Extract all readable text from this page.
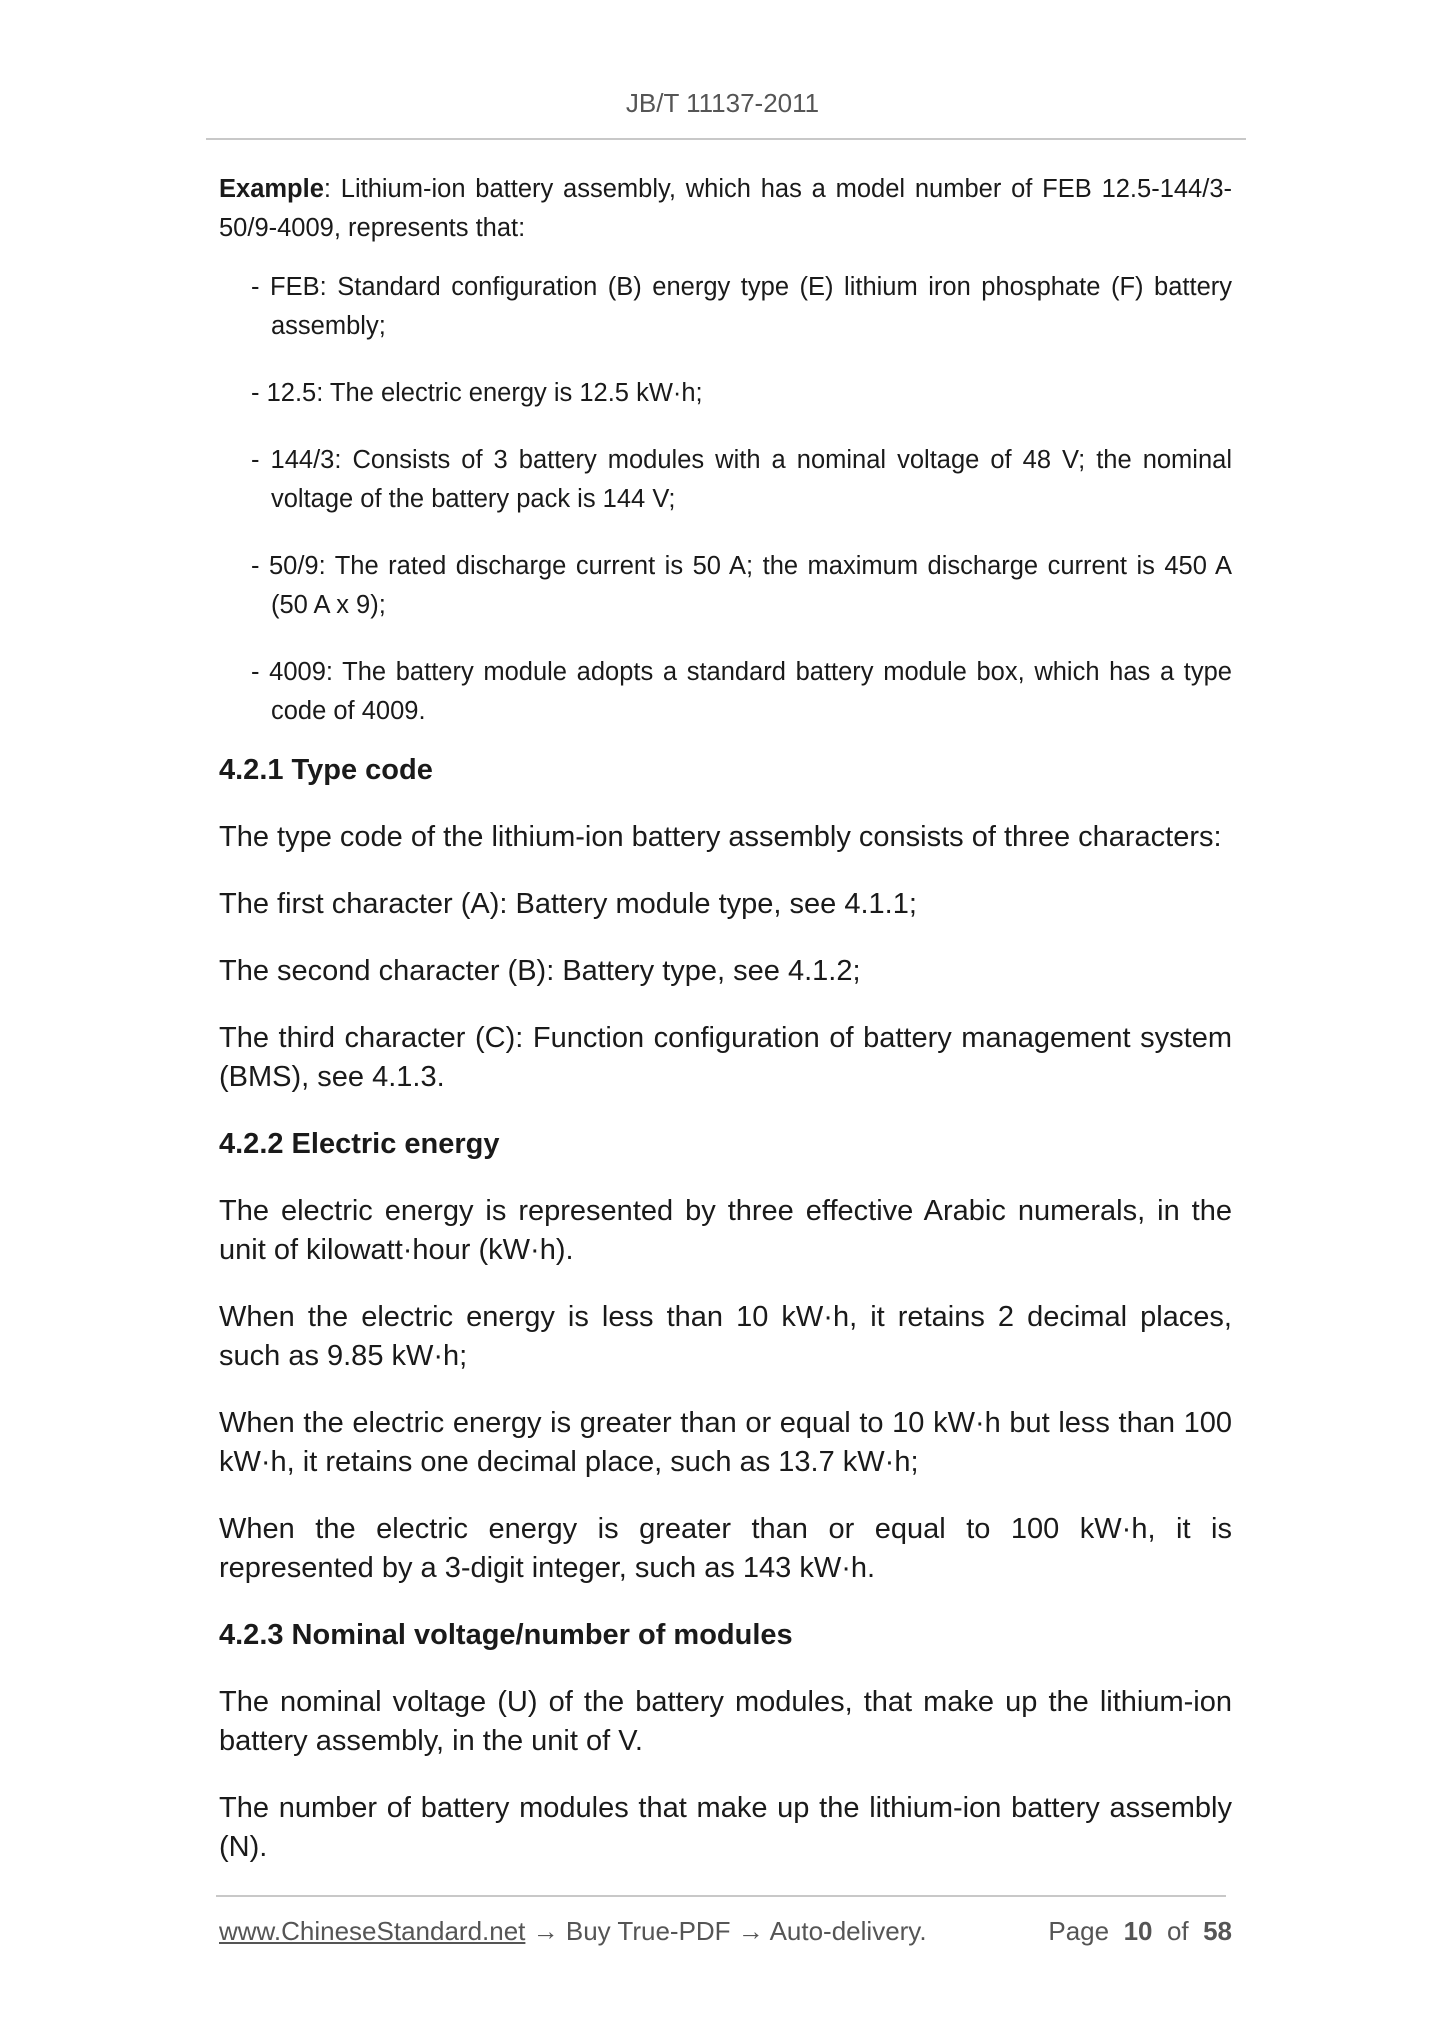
JB/T 11137-2011

Example: Lithium-ion battery assembly, which has a model number of FEB 12.5-144/3-50/9-4009, represents that:

- FEB: Standard configuration (B) energy type (E) lithium iron phosphate (F) battery assembly;

- 12.5: The electric energy is 12.5 kW·h;

- 144/3: Consists of 3 battery modules with a nominal voltage of 48 V; the nominal voltage of the battery pack is 144 V;

- 50/9: The rated discharge current is 50 A; the maximum discharge current is 450 A (50 A x 9);

- 4009: The battery module adopts a standard battery module box, which has a type code of 4009.

4.2.1 Type code

The type code of the lithium-ion battery assembly consists of three characters:

The first character (A): Battery module type, see 4.1.1;

The second character (B): Battery type, see 4.1.2;

The third character (C): Function configuration of battery management system (BMS), see 4.1.3.

4.2.2 Electric energy

The electric energy is represented by three effective Arabic numerals, in the unit of kilowatt·hour (kW·h).

When the electric energy is less than 10 kW·h, it retains 2 decimal places, such as 9.85 kW·h;

When the electric energy is greater than or equal to 10 kW·h but less than 100 kW·h, it retains one decimal place, such as 13.7 kW·h;

When the electric energy is greater than or equal to 100 kW·h, it is represented by a 3-digit integer, such as 143 kW·h.

4.2.3 Nominal voltage/number of modules

The nominal voltage (U) of the battery modules, that make up the lithium-ion battery assembly, in the unit of V.

The number of battery modules that make up the lithium-ion battery assembly (N).

www.ChineseStandard.net → Buy True-PDF → Auto-delivery.	Page 10 of 58
